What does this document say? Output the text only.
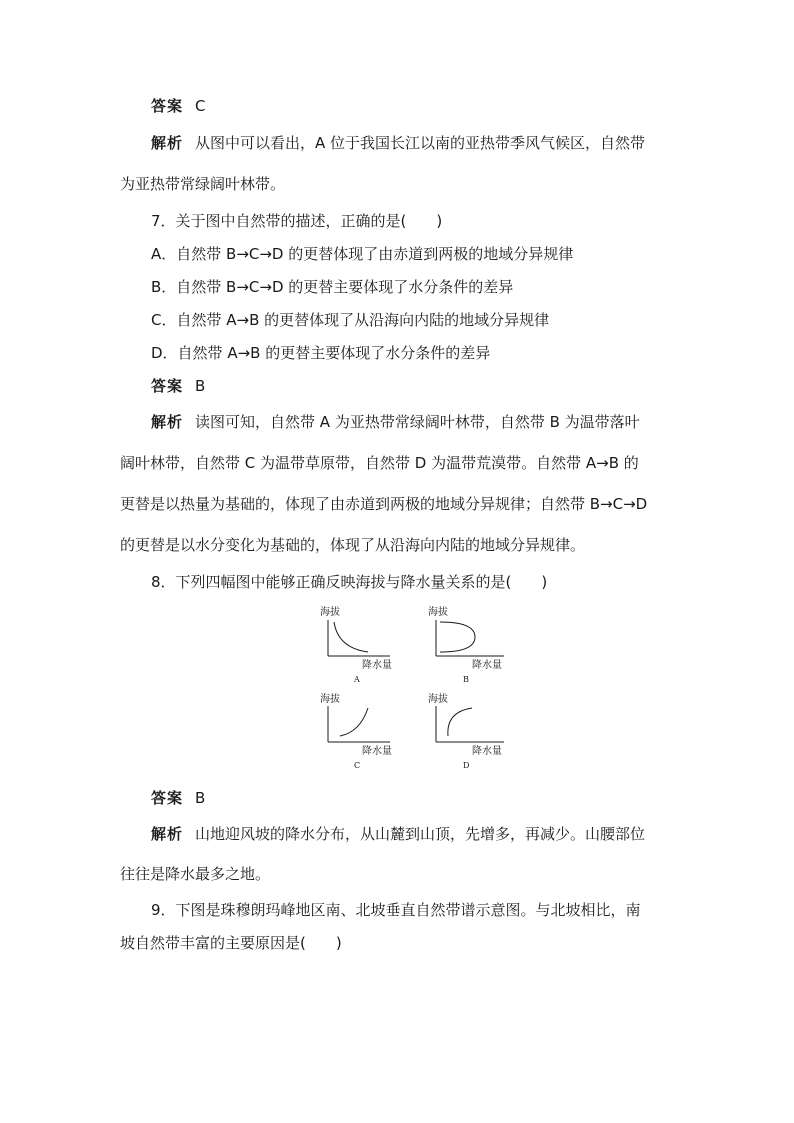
答案 C
解析 从图中可以看出，A 位于我国长江以南的亚热带季风气候区，自然带
为亚热带常绿阔叶林带。
7．关于图中自然带的描述，正确的是(　　)
A．自然带 B→C→D 的更替体现了由赤道到两极的地域分异规律
B．自然带 B→C→D 的更替主要体现了水分条件的差异
C．自然带 A→B 的更替体现了从沿海向内陆的地域分异规律
D．自然带 A→B 的更替主要体现了水分条件的差异
答案 B
解析 读图可知，自然带 A 为亚热带常绿阔叶林带，自然带 B 为温带落叶
阔叶林带，自然带 C 为温带草原带，自然带 D 为温带荒漠带。自然带 A→B 的
更替是以热量为基础的，体现了由赤道到两极的地域分异规律；自然带 B→C→D
的更替是以水分变化为基础的，体现了从沿海向内陆的地域分异规律。
8．下列四幅图中能够正确反映海拔与降水量关系的是(　　)
海拔
降水量
A
海拔
降水量
B
海拔
降水量
C
海拔
降水量
D
答案 B
解析 山地迎风坡的降水分布，从山麓到山顶，先增多，再减少。山腰部位
往往是降水最多之地。
9．下图是珠穆朗玛峰地区南、北坡垂直自然带谱示意图。与北坡相比，南
坡自然带丰富的主要原因是(　　)
